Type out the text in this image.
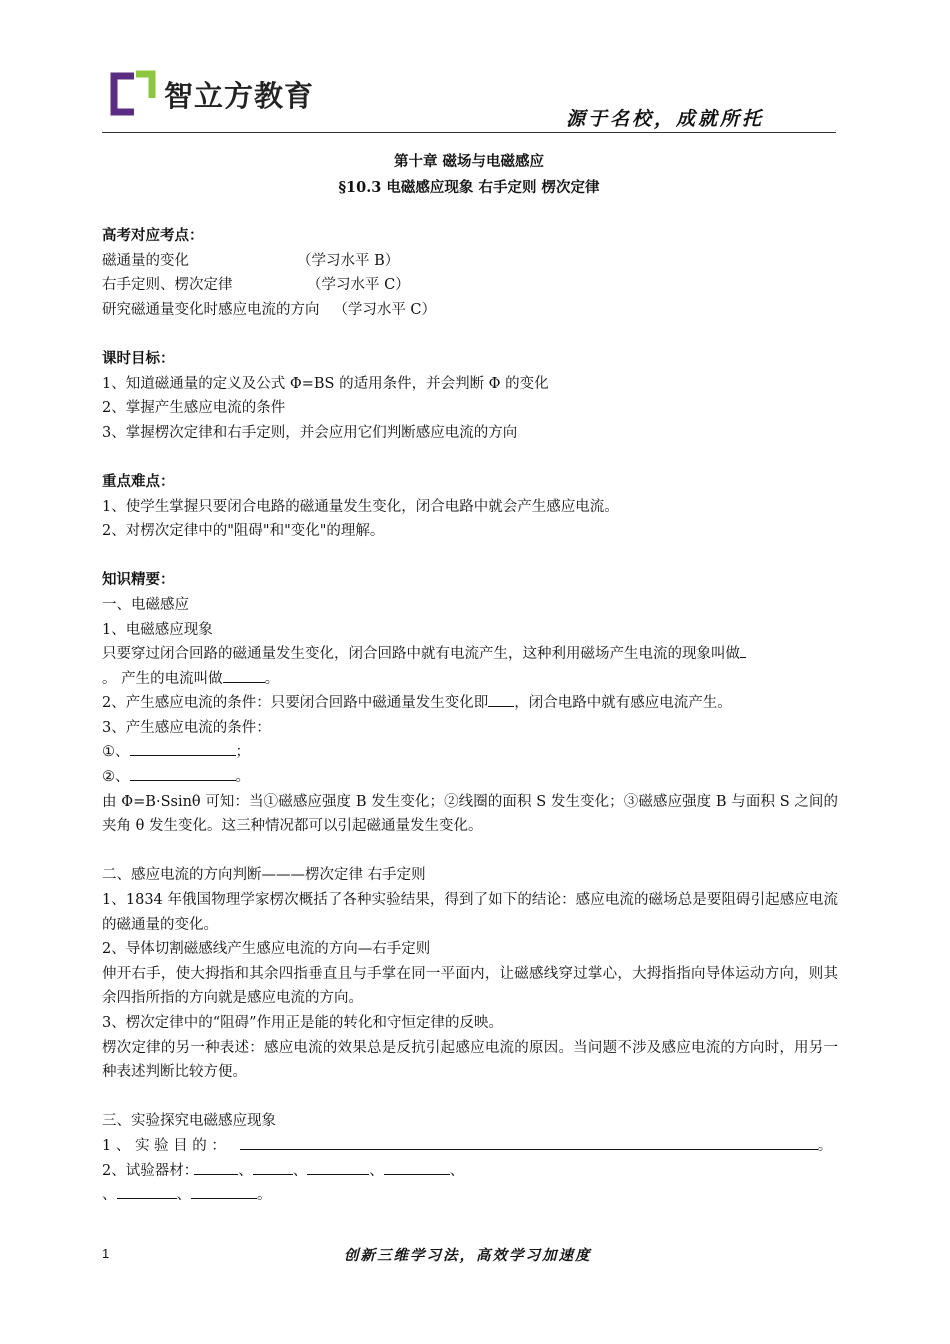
智立方教育
源于名校，成就所托
第十章 磁场与电磁感应
§10.3 电磁感应现象 右手定则 楞次定律

高考对应考点：

磁通量的变化	（学习水平 B）

右手定则、楞次定律	（学习水平 C）

研究磁通量变化时感应电流的方向 （学习水平 C）

课时目标：

1、知道磁通量的定义及公式 Φ=BS 的适用条件，并会判断 Φ 的变化

2、掌握产生感应电流的条件

3、掌握楞次定律和右手定则，并会应用它们判断感应电流的方向

重点难点：

1、使学生掌握只要闭合电路的磁通量发生变化，闭合电路中就会产生感应电流。

2、对楞次定律中的"阻碍"和"变化"的理解。

知识精要：

一、电磁感应

1、电磁感应现象

只要穿过闭合回路的磁通量发生变化，闭合回路中就有电流产生，这种利用磁场产生电流的现象叫做

。 产生的电流叫做	。

2、产生感应电流的条件：只要闭合回路中磁通量发生变化即 ，闭合电路中就有感应电流产生。

3、产生感应电流的条件：

①、	；

②、	。

由 Φ=B·Ssinθ 可知：当①磁感应强度 B 发生变化；②线圈的面积 S 发生变化；③磁感应强度 B 与面积 S 之间的夹角 θ 发生变化。这三种情况都可以引起磁通量发生变化。

二、感应电流的方向判断———楞次定律 右手定则

1、1834 年俄国物理学家楞次概括了各种实验结果，得到了如下的结论：感应电流的磁场总是要阻碍引起感应电流的磁通量的变化。

2、导体切割磁感线产生感应电流的方向—右手定则

伸开右手，使大拇指和其余四指垂直且与手掌在同一平面内，让磁感线穿过掌心，大拇指指向导体运动方向，则其余四指所指的方向就是感应电流的方向。

3、楞次定律中的“阻碍”作用正是能的转化和守恒定律的反映。

楞次定律的另一种表述：感应电流的效果总是反抗引起感应电流的原因。当问题不涉及感应电流的方向时，用另一种表述判断比较方便。

三、实验探究电磁感应现象

1 、 实 验 目 的 ：	。

2、试验器材：	、	、	、	、

、	、	。

1	创新三维学习法，高效学习加速度
